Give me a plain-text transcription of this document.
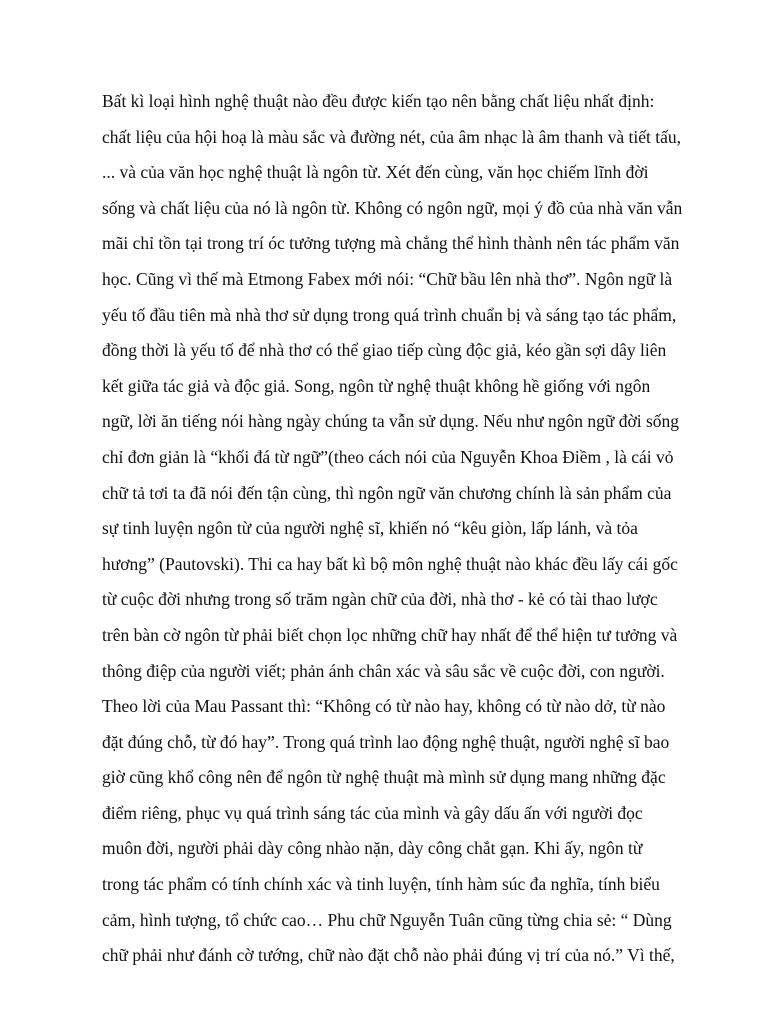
Bất kì loại hình nghệ thuật nào đều được kiến tạo nên bằng chất liệu nhất định:
chất liệu của hội hoạ là màu sắc và đường nét, của âm nhạc là âm thanh và tiết tấu,
... và của văn học nghệ thuật là ngôn từ. Xét đến cùng, văn học chiếm lĩnh đời
sống và chất liệu của nó là ngôn từ. Không có ngôn ngữ, mọi ý đồ của nhà văn vẫn
mãi chỉ tồn tại trong trí óc tưởng tượng mà chẳng thể hình thành nên tác phẩm văn
học. Cũng vì thế mà Etmong Fabex mới nói: “Chữ bầu lên nhà thơ”. Ngôn ngữ là
yếu tố đầu tiên mà nhà thơ sử dụng trong quá trình chuẩn bị và sáng tạo tác phẩm,
đồng thời là yếu tố để nhà thơ có thể giao tiếp cùng độc giả, kéo gần sợi dây liên
kết giữa tác giả và độc giả. Song, ngôn từ nghệ thuật không hề giống với ngôn
ngữ, lời ăn tiếng nói hàng ngày chúng ta vẫn sử dụng. Nếu như ngôn ngữ đời sống
chỉ đơn giản là “khối đá từ ngữ”(theo cách nói của Nguyễn Khoa Điềm , là cái vỏ
chữ tả tơi ta đã nói đến tận cùng, thì ngôn ngữ văn chương chính là sản phẩm của
sự tinh luyện ngôn từ của người nghệ sĩ, khiến nó “kêu giòn, lấp lánh, và tỏa
hương” (Pautovski). Thi ca hay bất kì bộ môn nghệ thuật nào khác đều lấy cái gốc
từ cuộc đời nhưng trong số trăm ngàn chữ của đời, nhà thơ - kẻ có tài thao lược
trên bàn cờ ngôn từ phải biết chọn lọc những chữ hay nhất để thể hiện tư tưởng và
thông điệp của người viết; phản ánh chân xác và sâu sắc về cuộc đời, con người.
Theo lời của Mau Passant thì: “Không có từ nào hay, không có từ nào dở, từ nào
đặt đúng chỗ, từ đó hay”. Trong quá trình lao động nghệ thuật, người nghệ sĩ bao
giờ cũng khổ công nên để ngôn từ nghệ thuật mà mình sử dụng mang những đặc
điểm riêng, phục vụ quá trình sáng tác của mình và gây dấu ấn với người đọc
muôn đời, người phải dày công nhào nặn, dày công chắt gạn. Khi ấy, ngôn từ
trong tác phẩm có tính chính xác và tinh luyện, tính hàm súc đa nghĩa, tính biểu
cảm, hình tượng, tổ chức cao… Phu chữ Nguyễn Tuân cũng từng chia sẻ: “ Dùng
chữ phải như đánh cờ tướng, chữ nào đặt chỗ nào phải đúng vị trí của nó.” Vì thế,
